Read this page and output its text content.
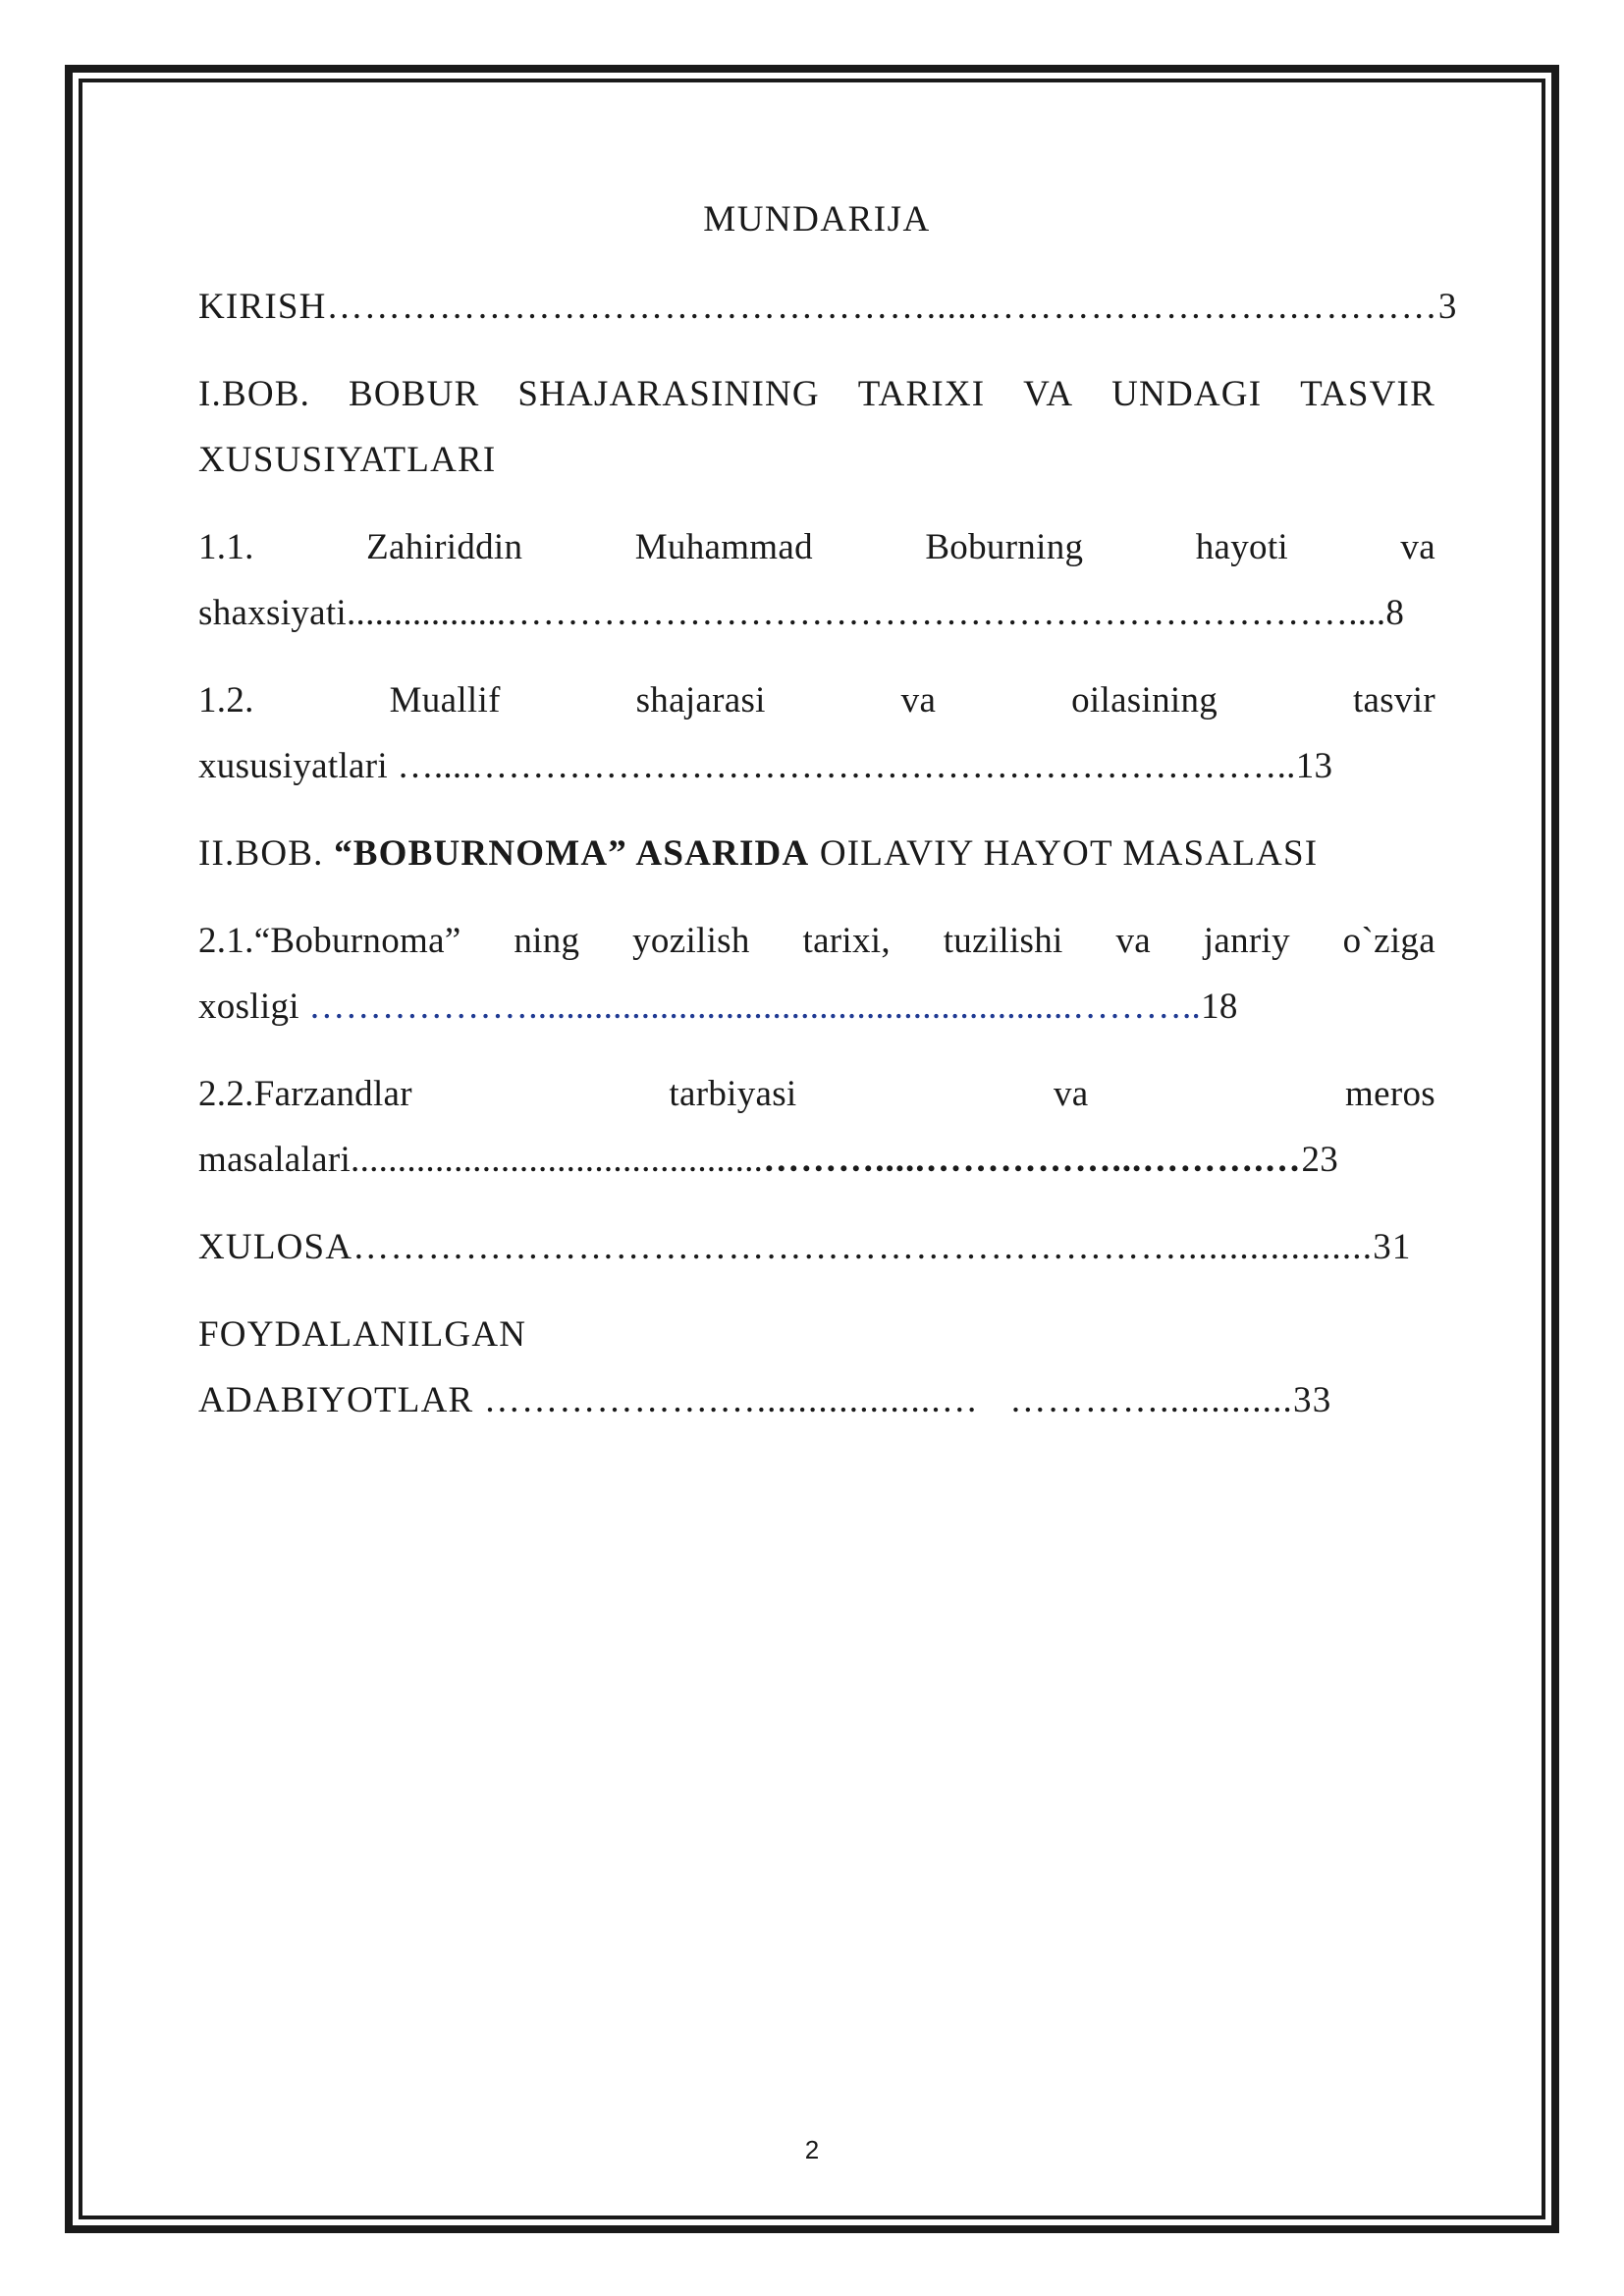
MUNDARIJA
KIRISH………………………………………….....…………………….…………3
I.BOB. BOBUR SHAJARASINING TARIXI VA UNDAGI TASVIR
XUSUSIYATLARI
1.1.	Zahiriddin	Muhammad	Boburning	hayoti	va
shaxsiyati.................……………………………………………………………....8
1.2.	Muallif	shajarasi	va	oilasining	tasvir
xususiyatlari …....…………………………………………………………..13
II.BOB. “BOBURNOMA” ASARIDA OILAVIY HAYOT MASALASI
2.1.“Boburnoma” ning yozilish tarixi, tuzilishi va janriy o`ziga
xosligi ………………..........................................................………..18
2.2.Farzandlar	tarbiyasi	va	meros
masalalari............................................……….....……………...……….…23
XULOSA…………………………………………………………...................31
FOYDALANILGAN
ADABIYOTLAR ……………….…..................…   ………….............33
2
